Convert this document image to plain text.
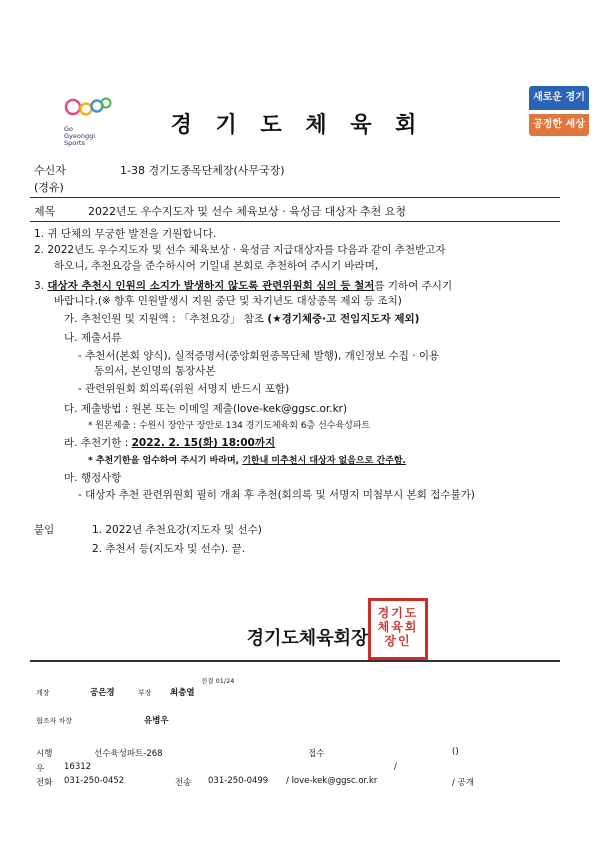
Go
Gyeonggi
Sports
경 기 도 체 육 회
새로운 경기
공정한 세상
수신자	1-38 경기도종목단체장(사무국장)
(경유)
제목	2022년도 우수지도자 및 선수 체육보상 · 육성금 대상자 추천 요청
1. 귀 단체의 무궁한 발전을 기원합니다.
2. 2022년도 우수지도자 및 선수 체육보상 · 육성금 지급대상자를 다음과 같이 추천받고자
하오니, 추천요강을 준수하시어 기일내 본회로 추천하여 주시기 바라며,
3. 대상자 추천시 인원의 소지가 발생하지 않도록 관련위원회 심의 등 철저를 기하여 주시기
바랍니다.(※ 향후 민원발생시 지원 중단 및 차기년도 대상종목 제외 등 조치)
가. 추천인원 및 지원액 : 「추천요강」 참조 (★경기체중·고 전임지도자 제외)
나. 제출서류
- 추천서(본회 양식), 실적증명서(중앙회원종목단체 발행), 개인정보 수집 · 이용
동의서, 본인명의 통장사본
- 관련위원회 회의록(위원 서명지 반드시 포함)
다. 제출방법 : 원본 또는 이메일 제출(love-kek@ggsc.or.kr)
* 원본제출 : 수원시 장안구 장안로 134 경기도체육회 6층 선수육성파트
라. 추천기한 : 2022. 2. 15(화) 18:00까지
* 추천기한을 엄수하여 주시기 바라며, 기한내 미추천시 대상자 없음으로 간주함.
마. 행정사항
- 대상자 추천 관련위원회 필히 개최 후 추천(회의록 및 서명지 미첨부시 본회 접수불가)
붙임	1. 2022년 추천요강(지도자 및 선수)
2. 추천서 등(지도자 및 선수). 끝.
경기도체육회장
경기도
체육회
장인
전결 01/24
계장	공은경	부장 최충열
협조자 차장	유병우
시행	선수육성파트-268	접수	()
우 16312	/
전화 031-250-0452	전송 031-250-0499 / love-kek@ggsc.or.kr	/ 공개
